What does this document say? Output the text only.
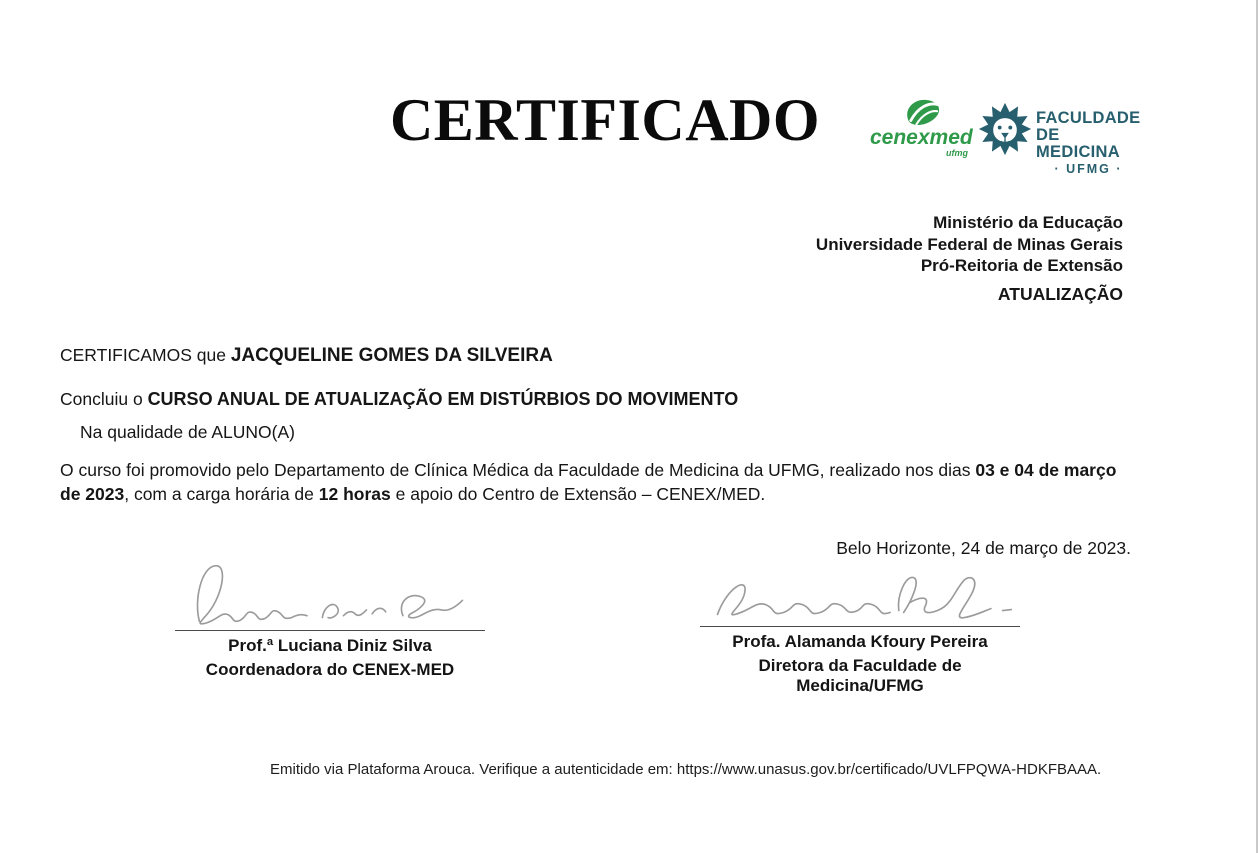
CERTIFICADO	cenexmed
ufmg
FACULDADE
DE MEDICINA
· UFMG ·
Ministério da Educação
Universidade Federal de Minas Gerais
Pró-Reitoria de Extensão
ATUALIZAÇÃO
CERTIFICAMOS que JACQUELINE GOMES DA SILVEIRA
Concluiu o CURSO ANUAL DE ATUALIZAÇÃO EM DISTÚRBIOS DO MOVIMENTO
Na qualidade de ALUNO(A)
O curso foi promovido pelo Departamento de Clínica Médica da Faculdade de Medicina da UFMG, realizado nos dias 03 e 04 de março
de 2023, com a carga horária de 12 horas e apoio do Centro de Extensão – CENEX/MED.
Belo Horizonte, 24 de março de 2023.
Prof.ª Luciana Diniz Silva
Coordenadora do CENEX-MED
Profa. Alamanda Kfoury Pereira
Diretora da Faculdade de Medicina/UFMG
Emitido via Plataforma Arouca. Verifique a autenticidade em: https://www.unasus.gov.br/certificado/UVLFPQWA-HDKFBAAA.
